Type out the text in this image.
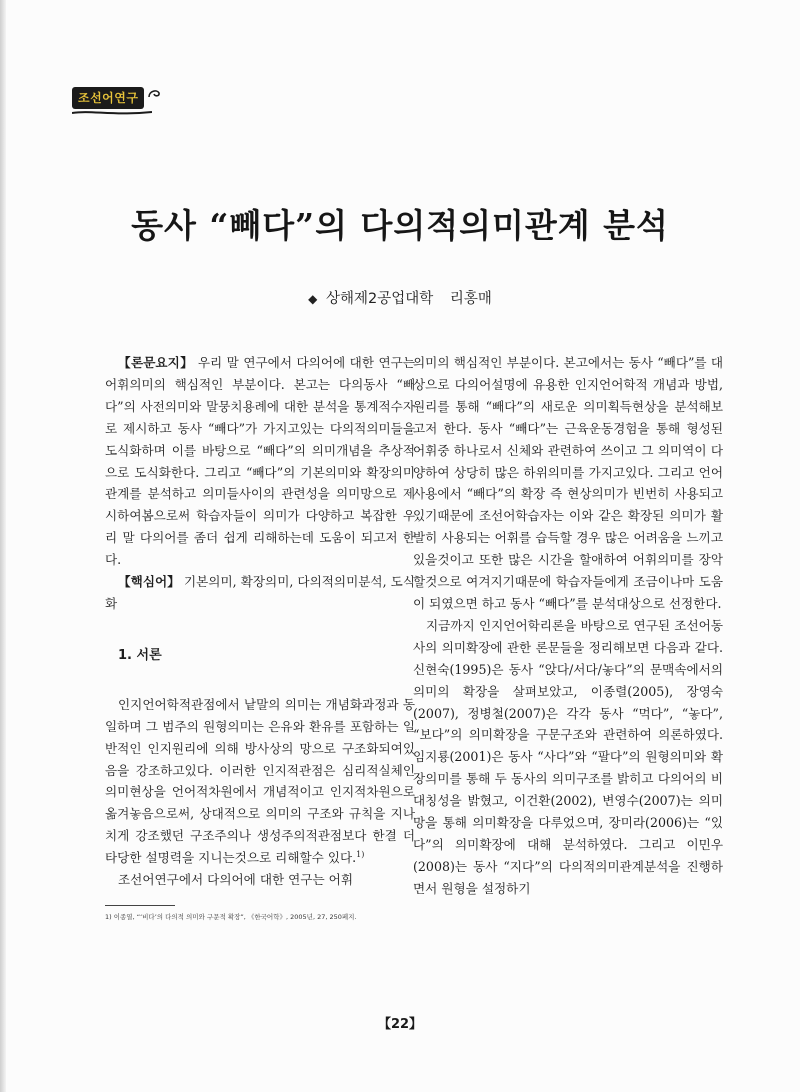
조선어연구
동사 “빼다”의 다의적의미관계 분석
◆ 상해제2공업대학 리홍매

【론문요지】 우리 말 연구에서 다의어에 대한 연구는 어휘의미의 핵심적인 부분이다. 본고는 다의동사 “빼다”의 사전의미와 말뭉치용례에 대한 분석을 통계적수자로 제시하고 동사 “빼다”가 가지고있는 다의적의미들을 도식화하며 이를 바탕으로 “빼다”의 의미개념을 추상적으로 도식화한다. 그리고 “빼다”의 기본의미와 확장의미관계를 분석하고 의미들사이의 관련성을 의미망으로 제시하여봄으로써 학습자들이 의미가 다양하고 복잡한 우리 말 다의어를 좀더 쉽게 리해하는데 도움이 되고저 한다.

【핵심어】 기본의미, 확장의미, 다의적의미분석, 도식화

1. 서론

인지언어학적관점에서 낱말의 의미는 개념화과정과 동일하며 그 범주의 원형의미는 은유와 환유를 포함하는 일반적인 인지원리에 의해 방사상의 망으로 구조화되여있음을 강조하고있다. 이러한 인지적관점은 심리적실체인 의미현상을 언어적차원에서 개념적이고 인지적차원으로 옮겨놓음으로써, 상대적으로 의미의 구조와 규칙을 지나치게 강조했던 구조주의나 생성주의적관점보다 한결 더 타당한 설명력을 지니는것으로 리해할수 있다.$^{1)}$

조선어연구에서 다의어에 대한 연구는 어휘

1) 이종열, “‘비다’의 다의적 의미와 구문적 확장”, 《한국어학》, 2005년, 27, 250페지.

의미의 핵심적인 부분이다. 본고에서는 동사 “빼다”를 대상으로 다의어설명에 유용한 인지언어학적 개념과 방법, 원리를 통해 “빼다”의 새로운 의미획득현상을 분석해보고저 한다. 동사 “빼다”는 근육운동경험을 통해 형성된 어휘중 하나로서 신체와 관련하여 쓰이고 그 의미역이 다양하여 상당히 많은 하위의미를 가지고있다. 그리고 언어사용에서 “빼다”의 확장 즉 현상의미가 빈번히 사용되고있기때문에 조선어학습자는 이와 같은 확장된 의미가 활발히 사용되는 어휘를 습득할 경우 많은 어려움을 느끼고있을것이고 또한 많은 시간을 할애하여 어휘의미를 장악할것으로 여겨지기때문에 학습자들에게 조금이나마 도움이 되였으면 하고 동사 “빼다”를 분석대상으로 선정한다.

지금까지 인지언어학리론을 바탕으로 연구된 조선어동사의 의미확장에 관한 론문들을 정리해보면 다음과 같다. 신현숙(1995)은 동사 “앉다/서다/놓다”의 문맥속에서의 의미의 확장을 살펴보았고, 이종렬(2005), 장영숙(2007), 정병철(2007)은 각각 동사 “먹다”, “놓다”, “보다”의 의미확장을 구문구조와 관련하여 의론하였다. 임지룡(2001)은 동사 “사다”와 “팔다”의 원형의미와 확장의미를 통해 두 동사의 의미구조를 밝히고 다의어의 비대칭성을 밝혔고, 이건환(2002), 변영수(2007)는 의미망을 통해 의미확장을 다루었으며, 장미라(2006)는 “있다”의 의미확장에 대해 분석하였다. 그리고 이민우(2008)는 동사 “지다”의 다의적의미관계분석을 진행하면서 원형을 설정하기

【22】
